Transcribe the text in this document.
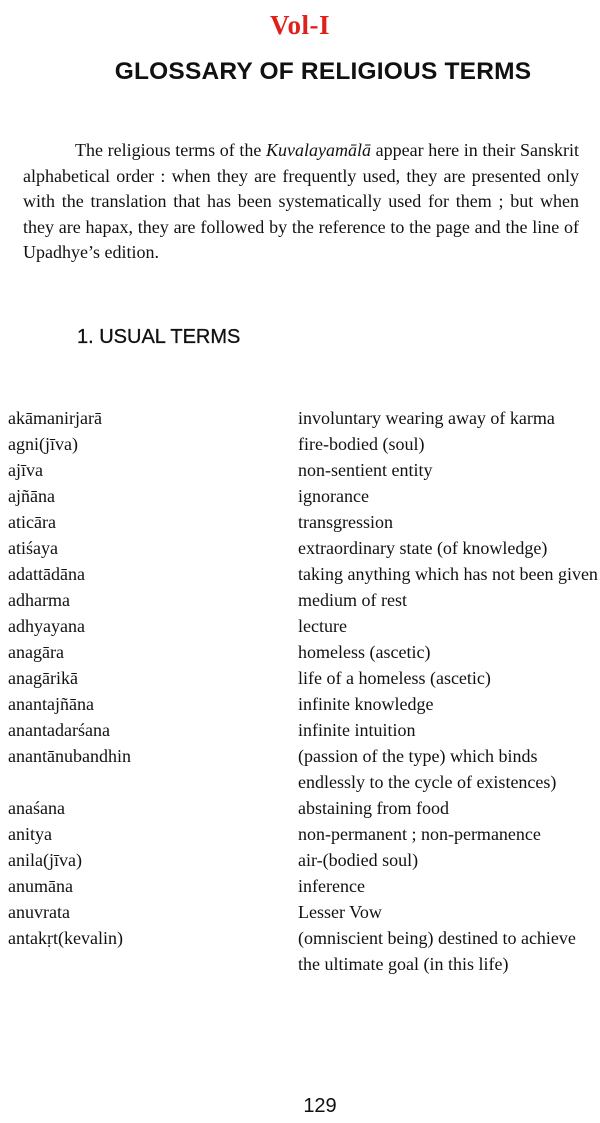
Vol-I
GLOSSARY OF RELIGIOUS TERMS

The religious terms of the Kuvalayamālā appear here in their Sanskrit alphabetical order : when they are frequently used, they are presented only with the translation that has been systematically used for them ; but when they are hapax, they are followed by the reference to the page and the line of Upadhye’s edition.

1. USUAL TERMS
akāmanirjarā	involuntary wearing away of karma
agni(jīva)	fire-bodied (soul)
ajīva	non-sentient entity
ajñāna	ignorance
aticāra	transgression
atiśaya	extraordinary state (of knowledge)
adattādāna	taking anything which has not been given
adharma	medium of rest
adhyayana	lecture
anagāra	homeless (ascetic)
anagārikā	life of a homeless (ascetic)
anantajñāna	infinite knowledge
anantadarśana	infinite intuition
anantānubandhin	(passion of the type) which binds endlessly to the cycle of existences)
anaśana	abstaining from food
anitya	non-permanent ; non-permanence
anila(jīva)	air-(bodied soul)
anumāna	inference
anuvrata	Lesser Vow
antakṛt(kevalin)	(omniscient being) destined to achieve the ultimate goal (in this life)
129
